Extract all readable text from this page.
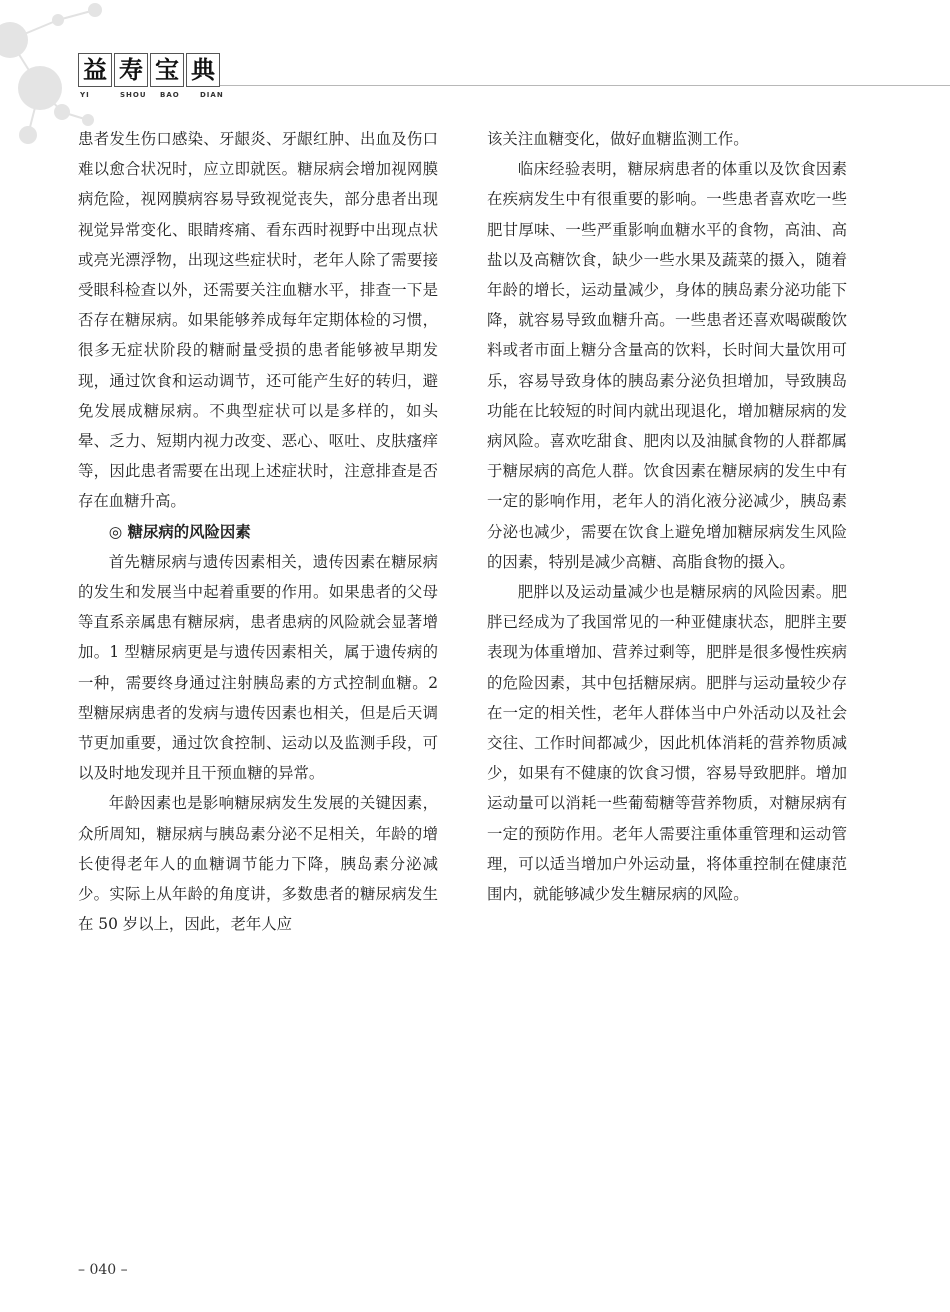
益 寿 宝 典
YI	SHOU	BAO	DIAN

患者发生伤口感染、牙龈炎、牙龈红肿、出血及伤口难以愈合状况时，应立即就医。糖尿病会增加视网膜病危险，视网膜病容易导致视觉丧失，部分患者出现视觉异常变化、眼睛疼痛、看东西时视野中出现点状或亮光漂浮物，出现这些症状时，老年人除了需要接受眼科检查以外，还需要关注血糖水平，排查一下是否存在糖尿病。如果能够养成每年定期体检的习惯，很多无症状阶段的糖耐量受损的患者能够被早期发现，通过饮食和运动调节，还可能产生好的转归，避免发展成糖尿病。不典型症状可以是多样的，如头晕、乏力、短期内视力改变、恶心、呕吐、皮肤瘙痒等，因此患者需要在出现上述症状时，注意排查是否存在血糖升高。

◎ 糖尿病的风险因素

首先糖尿病与遗传因素相关，遗传因素在糖尿病的发生和发展当中起着重要的作用。如果患者的父母等直系亲属患有糖尿病，患者患病的风险就会显著增加。1 型糖尿病更是与遗传因素相关，属于遗传病的一种，需要终身通过注射胰岛素的方式控制血糖。2 型糖尿病患者的发病与遗传因素也相关，但是后天调节更加重要，通过饮食控制、运动以及监测手段，可以及时地发现并且干预血糖的异常。

年龄因素也是影响糖尿病发生发展的关键因素，众所周知，糖尿病与胰岛素分泌不足相关，年龄的增长使得老年人的血糖调节能力下降，胰岛素分泌减少。实际上从年龄的角度讲，多数患者的糖尿病发生在 50 岁以上，因此，老年人应

该关注血糖变化，做好血糖监测工作。

临床经验表明，糖尿病患者的体重以及饮食因素在疾病发生中有很重要的影响。一些患者喜欢吃一些肥甘厚味、一些严重影响血糖水平的食物，高油、高盐以及高糖饮食，缺少一些水果及蔬菜的摄入，随着年龄的增长，运动量减少，身体的胰岛素分泌功能下降，就容易导致血糖升高。一些患者还喜欢喝碳酸饮料或者市面上糖分含量高的饮料，长时间大量饮用可乐，容易导致身体的胰岛素分泌负担增加，导致胰岛功能在比较短的时间内就出现退化，增加糖尿病的发病风险。喜欢吃甜食、肥肉以及油腻食物的人群都属于糖尿病的高危人群。饮食因素在糖尿病的发生中有一定的影响作用，老年人的消化液分泌减少，胰岛素分泌也减少，需要在饮食上避免增加糖尿病发生风险的因素，特别是减少高糖、高脂食物的摄入。

肥胖以及运动量减少也是糖尿病的风险因素。肥胖已经成为了我国常见的一种亚健康状态，肥胖主要表现为体重增加、营养过剩等，肥胖是很多慢性疾病的危险因素，其中包括糖尿病。肥胖与运动量较少存在一定的相关性，老年人群体当中户外活动以及社会交往、工作时间都减少，因此机体消耗的营养物质减少，如果有不健康的饮食习惯，容易导致肥胖。增加运动量可以消耗一些葡萄糖等营养物质，对糖尿病有一定的预防作用。老年人需要注重体重管理和运动管理，可以适当增加户外运动量，将体重控制在健康范围内，就能够减少发生糖尿病的风险。

– 040 –
